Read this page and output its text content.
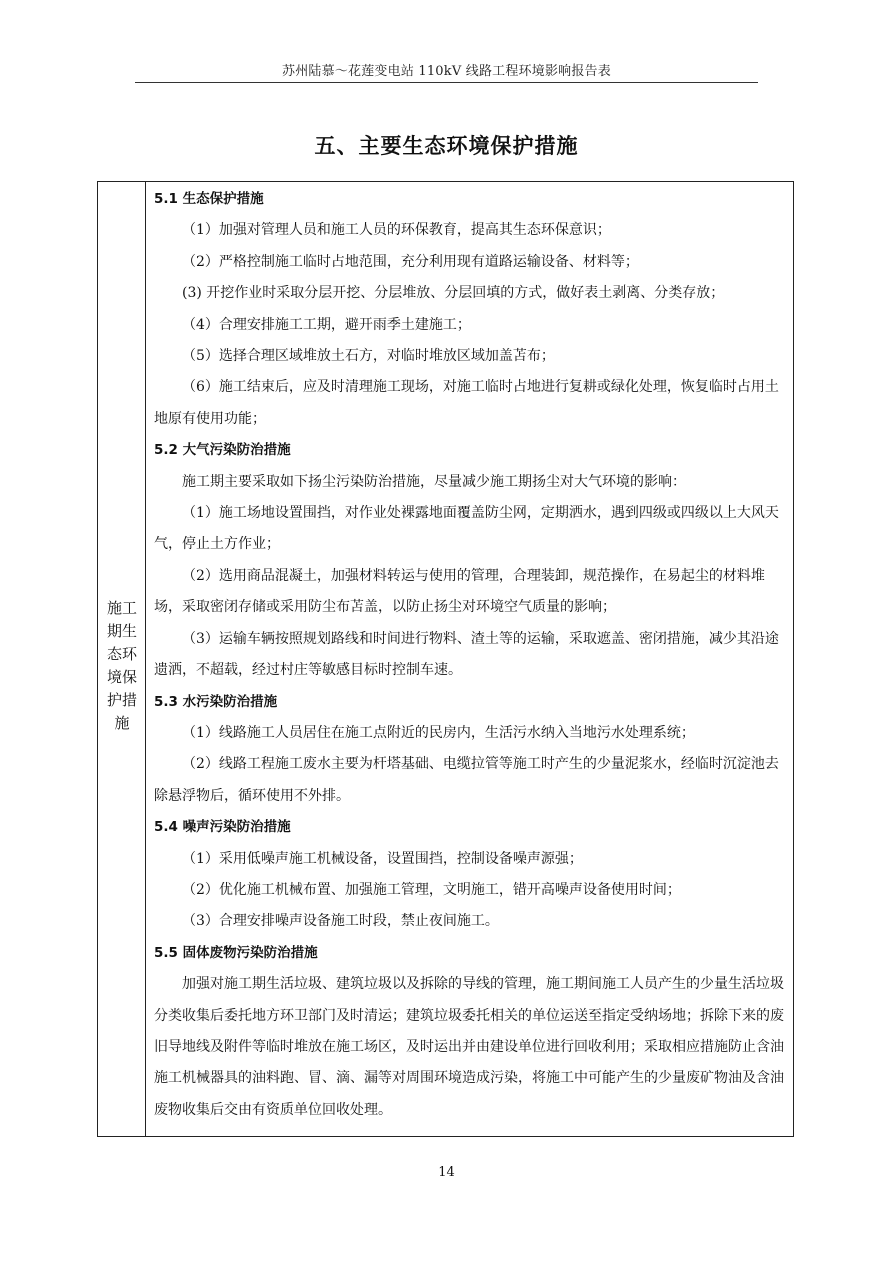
苏州陆慕～花莲变电站 110kV 线路工程环境影响报告表
五、主要生态环境保护措施
施工期生态环境保护措施

5.1 生态保护措施

（1）加强对管理人员和施工人员的环保教育，提高其生态环保意识；

（2）严格控制施工临时占地范围，充分利用现有道路运输设备、材料等；

(3) 开挖作业时采取分层开挖、分层堆放、分层回填的方式，做好表土剥离、分类存放；

（4）合理安排施工工期，避开雨季土建施工；

（5）选择合理区域堆放土石方，对临时堆放区域加盖苫布；

（6）施工结束后，应及时清理施工现场，对施工临时占地进行复耕或绿化处理，恢复临时占用土地原有使用功能；

5.2 大气污染防治措施

施工期主要采取如下扬尘污染防治措施，尽量减少施工期扬尘对大气环境的影响：

（1）施工场地设置围挡，对作业处裸露地面覆盖防尘网，定期洒水，遇到四级或四级以上大风天气，停止土方作业；

（2）选用商品混凝土，加强材料转运与使用的管理，合理装卸，规范操作，在易起尘的材料堆场，采取密闭存储或采用防尘布苫盖，以防止扬尘对环境空气质量的影响；

（3）运输车辆按照规划路线和时间进行物料、渣土等的运输，采取遮盖、密闭措施，减少其沿途遗洒，不超载，经过村庄等敏感目标时控制车速。

5.3 水污染防治措施

（1）线路施工人员居住在施工点附近的民房内，生活污水纳入当地污水处理系统；

（2）线路工程施工废水主要为杆塔基础、电缆拉管等施工时产生的少量泥浆水，经临时沉淀池去除悬浮物后，循环使用不外排。

5.4 噪声污染防治措施

（1）采用低噪声施工机械设备，设置围挡，控制设备噪声源强；

（2）优化施工机械布置、加强施工管理，文明施工，错开高噪声设备使用时间；

（3）合理安排噪声设备施工时段，禁止夜间施工。

5.5 固体废物污染防治措施

加强对施工期生活垃圾、建筑垃圾以及拆除的导线的管理，施工期间施工人员产生的少量生活垃圾分类收集后委托地方环卫部门及时清运；建筑垃圾委托相关的单位运送至指定受纳场地；拆除下来的废旧导地线及附件等临时堆放在施工场区，及时运出并由建设单位进行回收利用；采取相应措施防止含油施工机械器具的油料跑、冒、滴、漏等对周围环境造成污染，将施工中可能产生的少量废矿物油及含油废物收集后交由有资质单位回收处理。

14
